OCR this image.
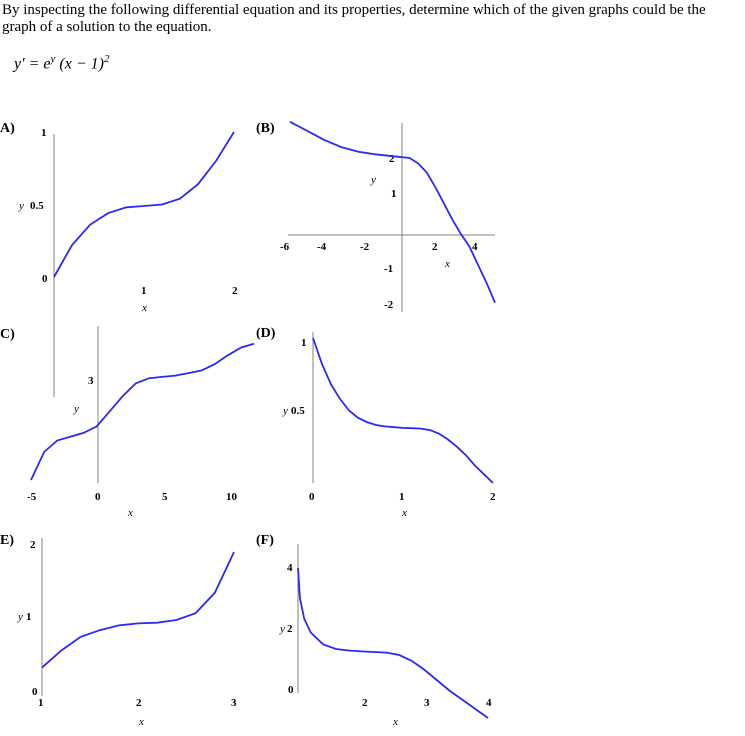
By inspecting the following differential equation and its properties, determine which of the given graphs could be the graph of a solution to the equation.

$y' = e^y$ $(x - 1)^2$
A) 1
y 0.5
0
1	2
x
(B)
-6	-4	-2	2	4
x
y
2
1
-1
-2
C)
3
y
-5	0	5	10
x
(D)
1
y 0.5
0	1	2
x
E) 2
y 1
0
1	2	3
x
(F)
4
y 2
0
2	3	4
x
